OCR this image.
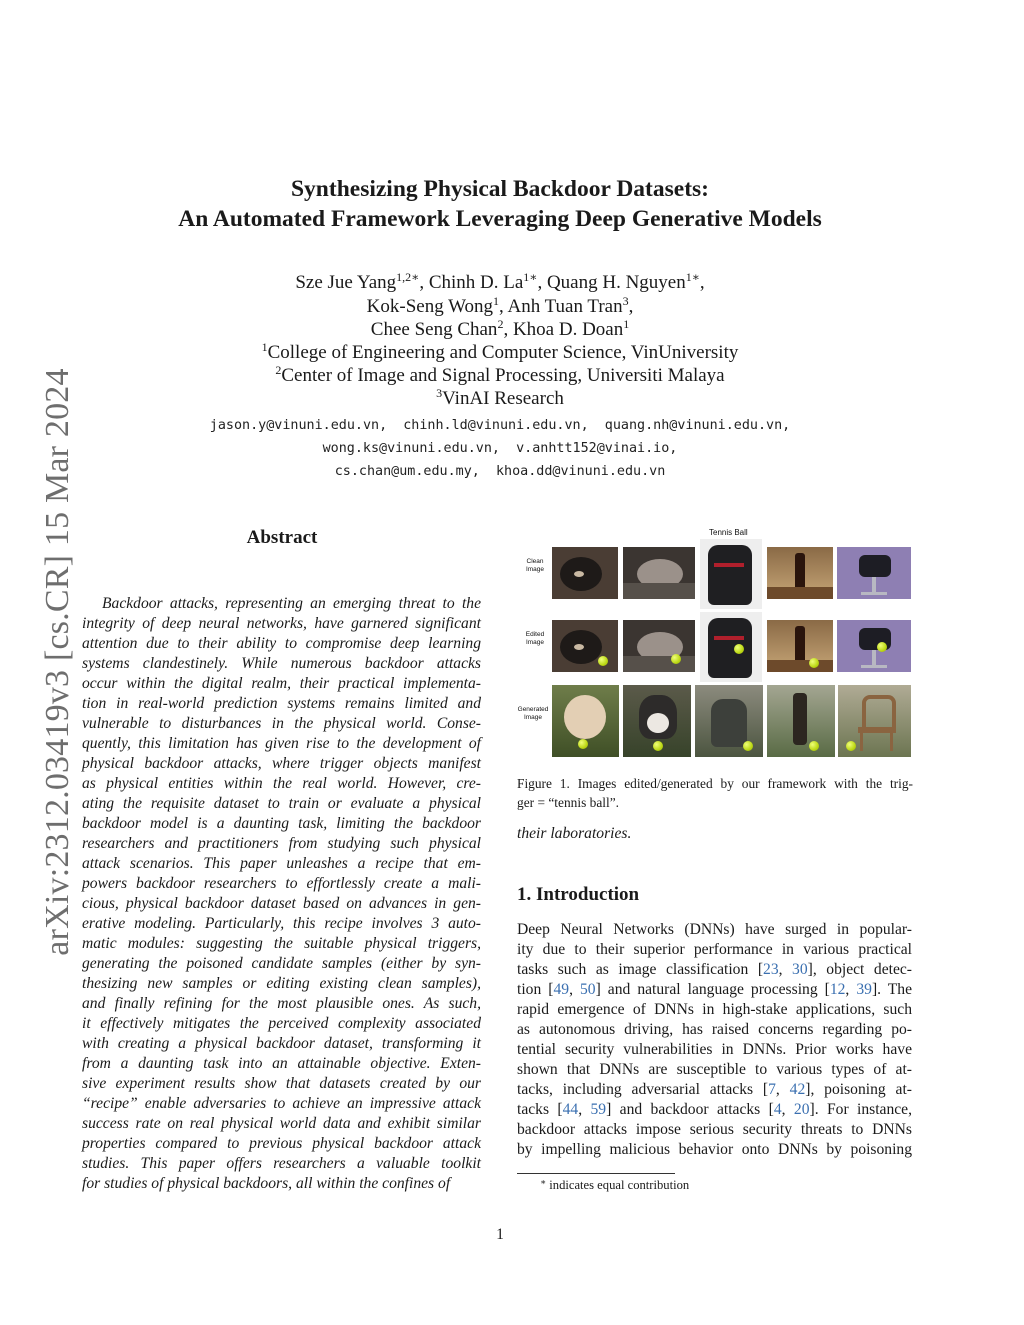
arXiv:2312.03419v3 [cs.CR] 15 Mar 2024
Synthesizing Physical Backdoor Datasets:
An Automated Framework Leveraging Deep Generative Models
Sze Jue Yang$^{1,2∗}$, Chinh D. $La^{1∗}$, Quang H. Nguyen$^{1∗}$,
Kok-Seng Wong$^1$, Anh Tuan Tran$^3$,
Chee Seng Chan$^2$, Khoa D. Doan$^1$
$^1$College of Engineering and Computer Science, VinUniversity
$^2$Center of Image and Signal Processing, Universiti Malaya
$^3$VinAI Research
jason.y@vinuni.edu.vn,  chinh.ld@vinuni.edu.vn,  quang.nh@vinuni.edu.vn,
wong.ks@vinuni.edu.vn,  v.anhtt152@vinai.io,
cs.chan@um.edu.my,  khoa.dd@vinuni.edu.vn
Abstract
Backdoor attacks, representing an emerging threat to the
integrity of deep neural networks, have garnered significant
attention due to their ability to compromise deep learning
systems clandestinely. While numerous backdoor attacks
occur within the digital realm, their practical implementa-
tion in real-world prediction systems remains limited and
vulnerable to disturbances in the physical world. Conse-
quently, this limitation has given rise to the development of
physical backdoor attacks, where trigger objects manifest
as physical entities within the real world. However, cre-
ating the requisite dataset to train or evaluate a physical
backdoor model is a daunting task, limiting the backdoor
researchers and practitioners from studying such physical
attack scenarios. This paper unleashes a recipe that em-
powers backdoor researchers to effortlessly create a mali-
cious, physical backdoor dataset based on advances in gen-
erative modeling. Particularly, this recipe involves 3 auto-
matic modules: suggesting the suitable physical triggers,
generating the poisoned candidate samples (either by syn-
thesizing new samples or editing existing clean samples),
and finally refining for the most plausible ones. As such,
it effectively mitigates the perceived complexity associated
with creating a physical backdoor dataset, transforming it
from a daunting task into an attainable objective. Exten-
sive experiment results show that datasets created by our
“recipe” enable adversaries to achieve an impressive attack
success rate on real physical world data and exhibit similar
properties compared to previous physical backdoor attack
studies. This paper offers researchers a valuable toolkit
for studies of physical backdoors, all within the confines of
Tennis Ball
Clean
Image
Edited
Image
Generated
Image
Figure 1. Images edited/generated by our framework with the trig-
ger = “tennis ball”.
their laboratories.
1. Introduction
Deep Neural Networks (DNNs) have surged in popular-
ity due to their superior performance in various practical
tasks such as image classification [23, 30], object detec-
tion [49, 50] and natural language processing [12, 39]. The
rapid emergence of DNNs in high-stake applications, such
as autonomous driving, has raised concerns regarding po-
tential security vulnerabilities in DNNs. Prior works have
shown that DNNs are susceptible to various types of at-
tacks, including adversarial attacks [7, 42], poisoning at-
tacks [44, 59] and backdoor attacks [4, 20]. For instance,
backdoor attacks impose serious security threats to DNNs
by impelling malicious behavior onto DNNs by poisoning
∗ indicates equal contribution
1
